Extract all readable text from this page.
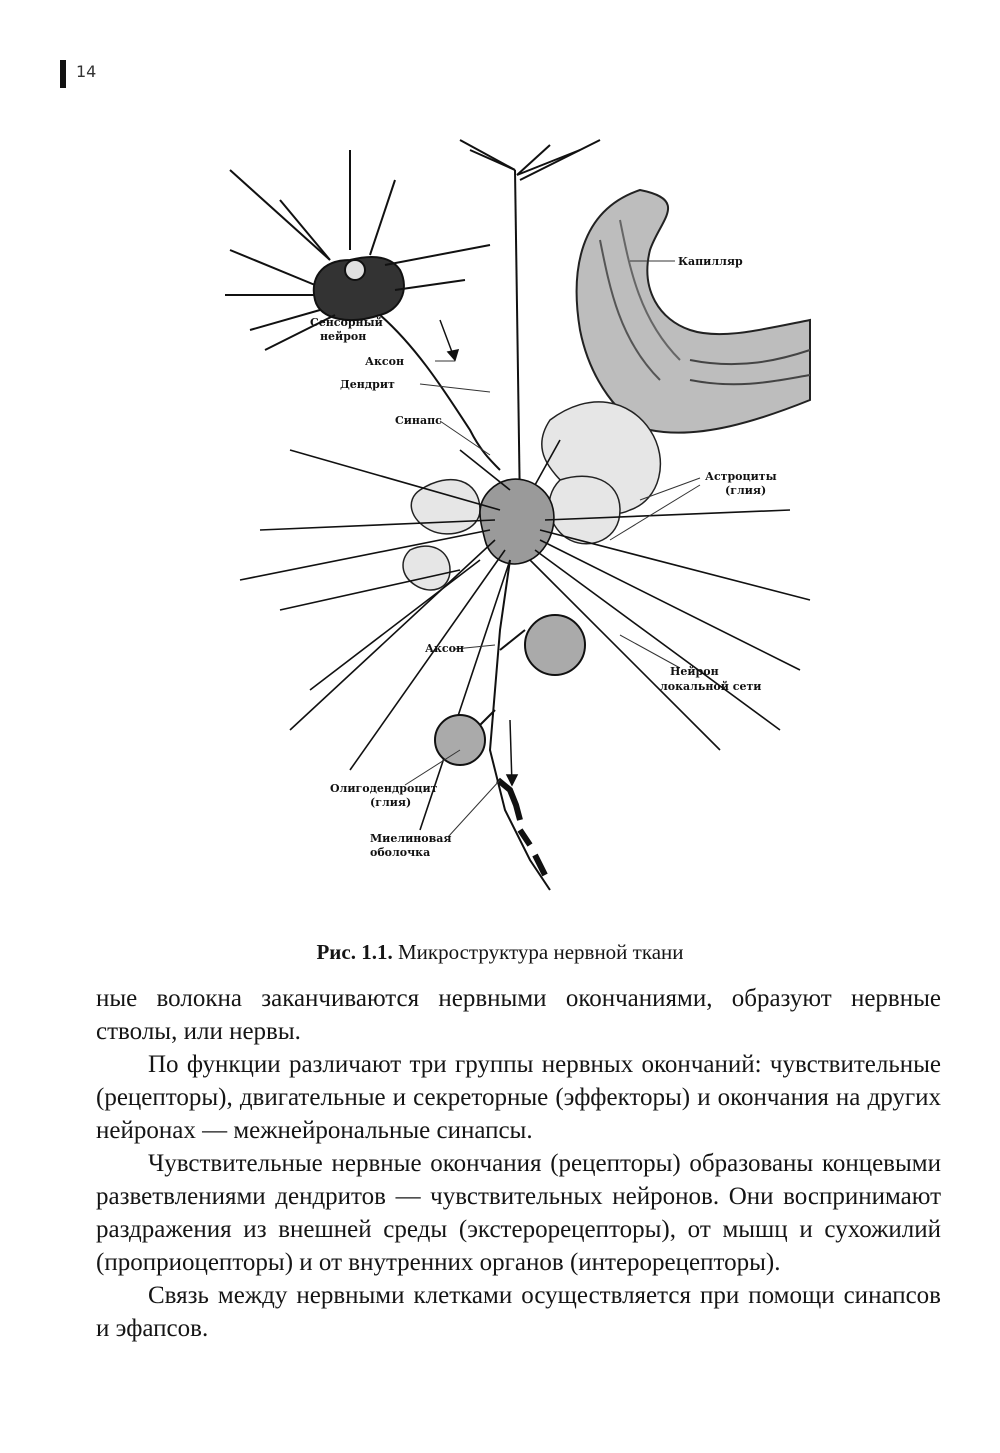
14
Капилляр
Сенсорный
нейрон
Аксон
Дендрит
Синапс
Астроциты
(глия)
Аксон
Нейрон
локальной сети
Олигодендроцит
(глия)
Миелиновая
оболочка
Рис. 1.1. Микроструктура нервной ткани

ные волокна заканчиваются нервными окончаниями, образуют нервные стволы, или нервы.

По функции различают три группы нервных окончаний: чувствительные (рецепторы), двигательные и секреторные (эффекторы) и окончания на других нейронах — межнейрональные синапсы.

Чувствительные нервные окончания (рецепторы) образованы концевыми разветвлениями дендритов — чувствительных нейронов. Они воспринимают раздражения из внешней среды (экстерорецепторы), от мышц и сухожилий (проприоцепторы) и от внутренних органов (интерорецепторы).

Связь между нервными клетками осуществляется при помощи синапсов и эфапсов.
